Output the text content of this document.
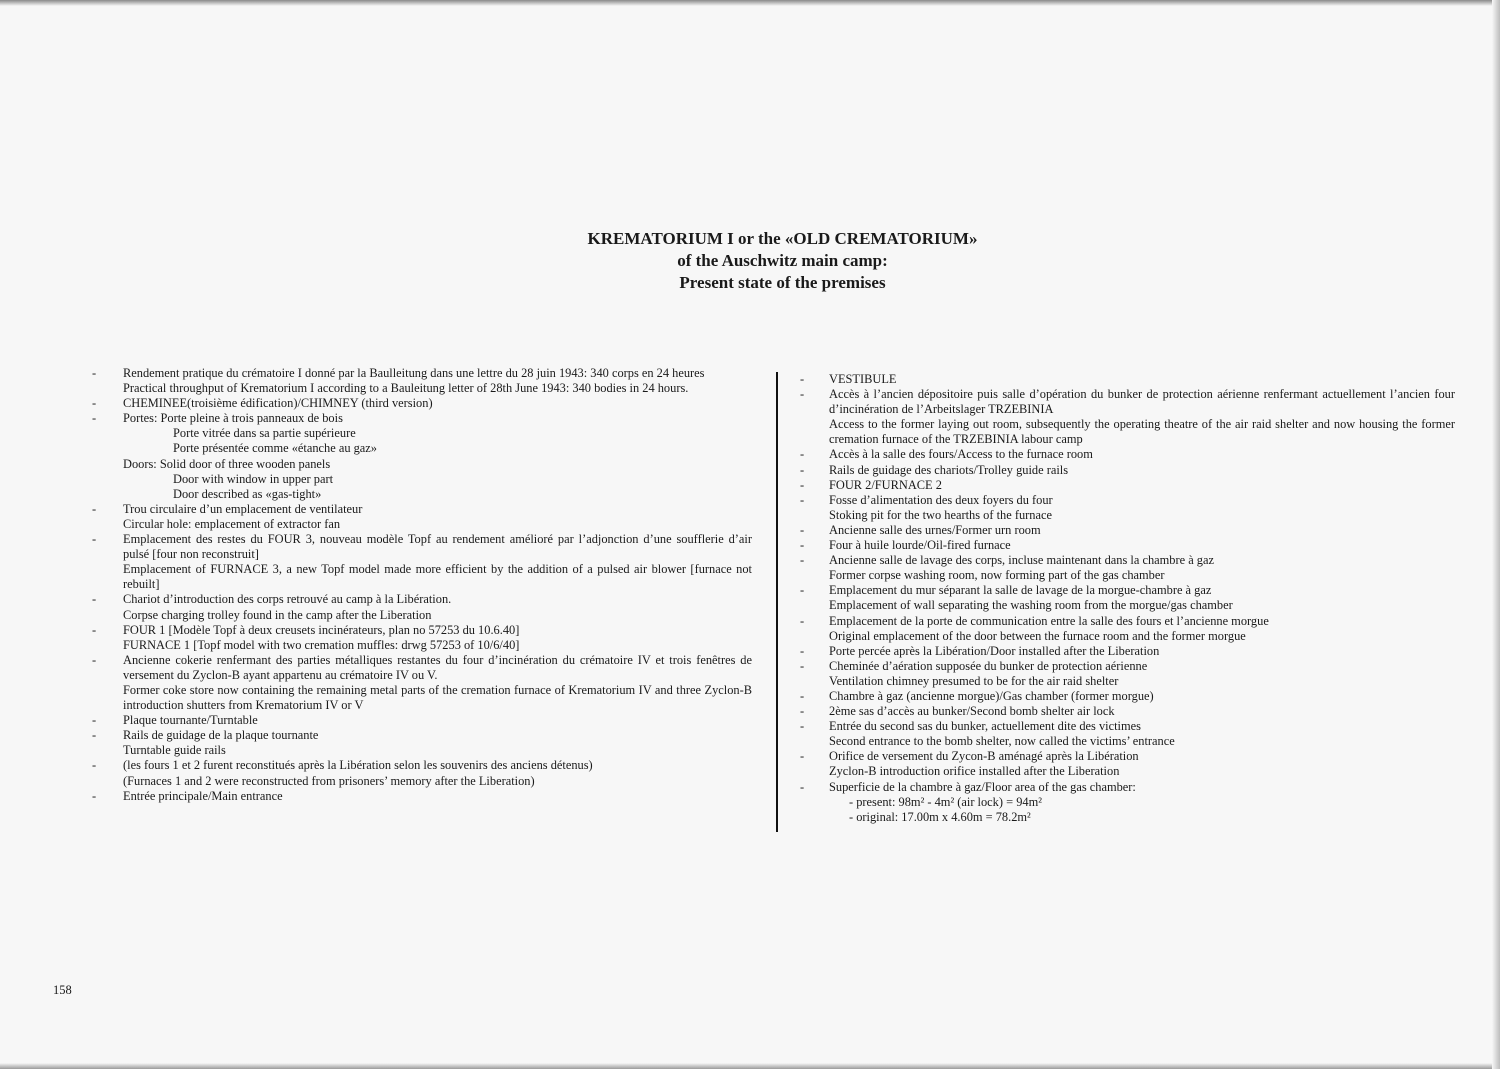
KREMATORIUM I or the «OLD CREMATORIUM»
of the Auschwitz main camp:
Present state of the premises
- Rendement pratique du crématoire I donné par la Baulleitung dans une lettre du 28 juin 1943: 340 corps en 24 heures
Practical throughput of Krematorium I according to a Bauleitung letter of 28th June 1943: 340 bodies in 24 hours.
- CHEMINEE(troisième édification)/CHIMNEY (third version)
- Portes: Porte pleine à trois panneaux de bois
Porte vitrée dans sa partie supérieure
Porte présentée comme «étanche au gaz»
Doors: Solid door of three wooden panels
Door with window in upper part
Door described as «gas-tight»
- Trou circulaire d’un emplacement de ventilateur
Circular hole: emplacement of extractor fan
- Emplacement des restes du FOUR 3, nouveau modèle Topf au rendement amélioré par l’adjonction d’une soufflerie d’air pulsé [four non reconstruit]
Emplacement of FURNACE 3, a new Topf model made more efficient by the addition of a pulsed air blower [furnace not rebuilt]
- Chariot d’introduction des corps retrouvé au camp à la Libération.
Corpse charging trolley found in the camp after the Liberation
- FOUR 1 [Modèle Topf à deux creusets incinérateurs, plan no 57253 du 10.6.40]
FURNACE 1 [Topf model with two cremation muffles: drwg 57253 of 10/6/40]
- Ancienne cokerie renfermant des parties métalliques restantes du four d’incinération du crématoire IV et trois fenêtres de versement du Zyclon-B ayant appartenu au crématoire IV ou V.
Former coke store now containing the remaining metal parts of the cremation furnace of Krematorium IV and three Zyclon-B introduction shutters from Krematorium IV or V
- Plaque tournante/Turntable
- Rails de guidage de la plaque tournante
Turntable guide rails
- (les fours 1 et 2 furent reconstitués après la Libération selon les souvenirs des anciens détenus)
(Furnaces 1 and 2 were reconstructed from prisoners’ memory after the Liberation)
- Entrée principale/Main entrance
- VESTIBULE
- Accès à l’ancien dépositoire puis salle d’opération du bunker de protection aérienne renfermant actuellement l’ancien four d’incinération de l’Arbeitslager TRZEBINIA
Access to the former laying out room, subsequently the operating theatre of the air raid shelter and now housing the former cremation furnace of the TRZEBINIA labour camp
- Accès à la salle des fours/Access to the furnace room
- Rails de guidage des chariots/Trolley guide rails
- FOUR 2/FURNACE 2
- Fosse d’alimentation des deux foyers du four
Stoking pit for the two hearths of the furnace
- Ancienne salle des urnes/Former urn room
- Four à huile lourde/Oil-fired furnace
- Ancienne salle de lavage des corps, incluse maintenant dans la chambre à gaz
Former corpse washing room, now forming part of the gas chamber
- Emplacement du mur séparant la salle de lavage de la morgue-chambre à gaz
Emplacement of wall separating the washing room from the morgue/gas chamber
- Emplacement de la porte de communication entre la salle des fours et l’ancienne morgue
Original emplacement of the door between the furnace room and the former morgue
- Porte percée après la Libération/Door installed after the Liberation
- Cheminée d’aération supposée du bunker de protection aérienne
Ventilation chimney presumed to be for the air raid shelter
- Chambre à gaz (ancienne morgue)/Gas chamber (former morgue)
- 2ème sas d’accès au bunker/Second bomb shelter air lock
- Entrée du second sas du bunker, actuellement dite des victimes
Second entrance to the bomb shelter, now called the victims’ entrance
- Orifice de versement du Zycon-B aménagé après la Libération
Zyclon-B introduction orifice installed after the Liberation
- Superficie de la chambre à gaz/Floor area of the gas chamber:
- present: 98m² - 4m² (air lock) = 94m²
- original: 17.00m x 4.60m = 78.2m²
158
